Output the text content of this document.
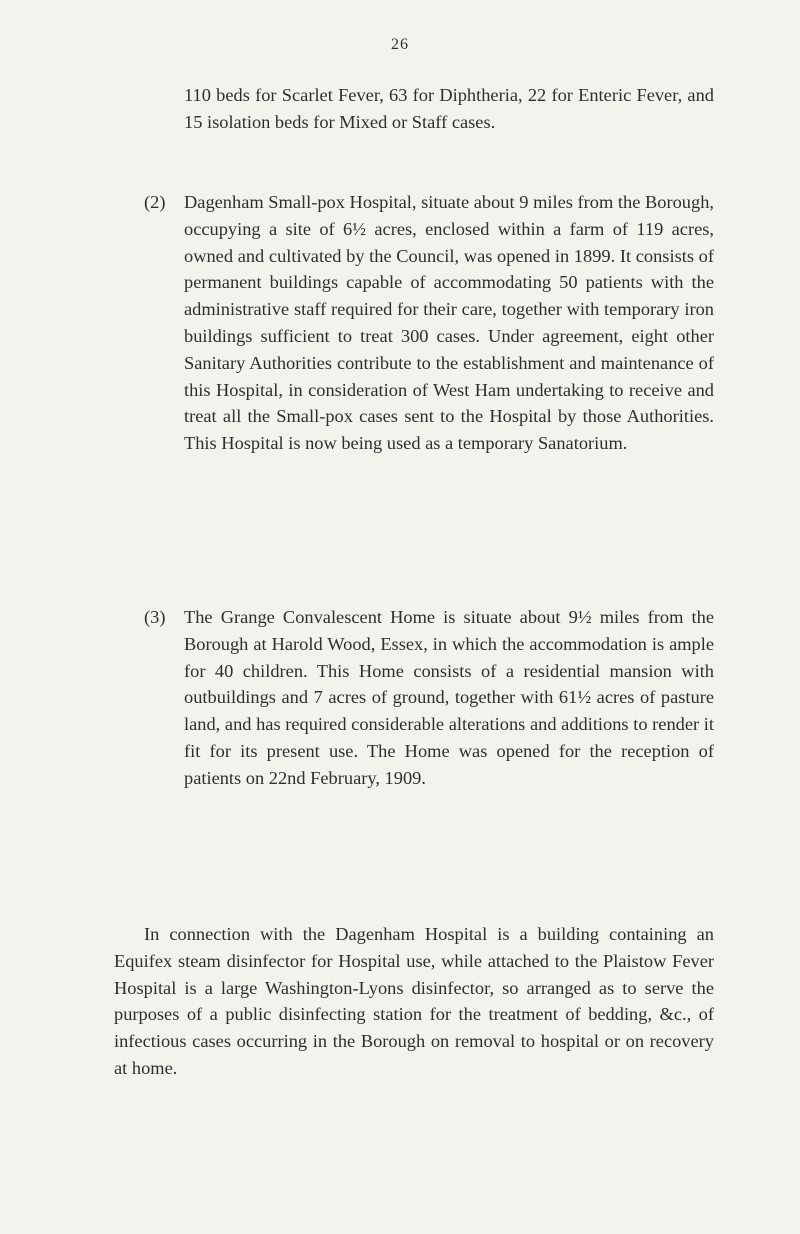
26

110 beds for Scarlet Fever, 63 for Diphtheria, 22 for Enteric Fever, and 15 isolation beds for Mixed or Staff cases.

(2) Dagenham Small-pox Hospital, situate about 9 miles from the Borough, occupying a site of 6½ acres, enclosed within a farm of 119 acres, owned and cultivated by the Council, was opened in 1899. It consists of permanent buildings capable of accommodating 50 patients with the administrative staff required for their care, together with temporary iron buildings sufficient to treat 300 cases. Under agreement, eight other Sanitary Authorities contribute to the establishment and maintenance of this Hospital, in consideration of West Ham undertaking to receive and treat all the Small-pox cases sent to the Hospital by those Authorities. This Hospital is now being used as a temporary Sanatorium.

(3) The Grange Convalescent Home is situate about 9½ miles from the Borough at Harold Wood, Essex, in which the accommodation is ample for 40 children. This Home consists of a residential mansion with outbuildings and 7 acres of ground, together with 61½ acres of pasture land, and has required considerable alterations and additions to render it fit for its present use. The Home was opened for the reception of patients on 22nd February, 1909.

In connection with the Dagenham Hospital is a building containing an Equifex steam disinfector for Hospital use, while attached to the Plaistow Fever Hospital is a large Washington-Lyons disinfector, so arranged as to serve the purposes of a public disinfecting station for the treatment of bedding, &c., of infectious cases occurring in the Borough on removal to hospital or on recovery at home.
